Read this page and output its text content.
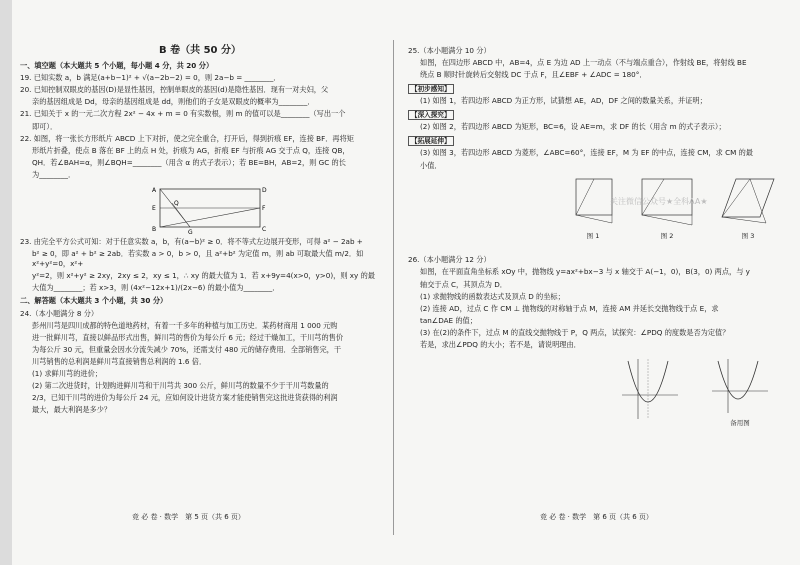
B 卷（共 50 分）
一、填空题（本大题共 5 个小题，每小题 4 分，共 20 分）
19. 已知实数 a，b 满足(a+b−1)² + √(a−2b−2) = 0，则 2a−b = ________．
20. 已知控制双眼皮的基因(D)是显性基因，控制单眼皮的基因(d)是隐性基因．现有一对夫妇，父
亲的基因组成是 Dd，母亲的基因组成是 dd，则他们的子女是双眼皮的概率为________．
21. 已知关于 x 的一元二次方程 2x² − 4x + m = 0 有实数根，则 m 的值可以是________（写出一个
即可）．
22. 如图，将一张长方形纸片 ABCD 上下对折，使之完全重合，打开后，得到折痕 EF，连接 BF．再将矩
形纸片折叠，使点 B 落在 BF 上的点 H 处，折痕为 AG，折痕 EF 与折痕 AG 交于点 Q，连接 QB，
QH．若∠BAH=α，则∠BQH=________（用含 α 的式子表示）；若 BE=BH，AB=2，则 GC 的长
为________．
A	D
E	F
B	C
G
Q
23. 由完全平方公式可知：对于任意实数 a，b，有(a−b)² ≥ 0．将不等式左边展开变形，可得 a² − 2ab +
b² ≥ 0，即 a² + b² ≥ 2ab．若实数 a > 0，b > 0，且 a²+b² 为定值 m，则 ab 可取最大值 m/2．如 x²+y²=0，x²+
y²=2，则 x²+y² ≥ 2xy，2xy ≤ 2，xy ≤ 1，∴ xy 的最大值为 1．若 x+9y=4(x>0，y>0)，则 xy 的最
大值为________；若 x>3，则 (4x²−12x+1)/(2x−6) 的最小值为________．
二、解答题（本大题共 3 个小题，共 30 分）
24.（本小题满分 8 分）
彭州川芎是四川成都的特色道地药材，有着一千多年的种植与加工历史．某药材商用 1 000 元购
进一批鲜川芎，直接以鲜品形式出售，鲜川芎的售价为每公斤 6 元；经过干燥加工，干川芎的售价
为每公斤 30 元，但重量会因水分流失减少 70%，还需支付 480 元的储存费用．全部销售完，干
川芎销售的总利润是鲜川芎直接销售总利润的 1.6 倍．
(1) 求鲜川芎的进价；
(2) 第二次进货时，计划购进鲜川芎和干川芎共 300 公斤，鲜川芎的数量不少于干川芎数量的
2/3，已知干川芎的进价为每公斤 24 元，应如何设计进货方案才能使销售完这批进货获得的利润
最大，最大利润是多少？
竞 必 卷 · 数学　第 5 页（共 6 页）
25.（本小题满分 10 分）
如图，在四边形 ABCD 中，AB=4，点 E 为边 AD 上一动点（不与端点重合），作射线 BE，将射线 BE
绕点 B 顺时针旋转后交射线 DC 于点 F，且∠EBF + ∠ADC = 180°．
【初步感知】
(1) 如图 1，若四边形 ABCD 为正方形，试猜想 AE，AD，DF 之间的数量关系，并证明；
【深入探究】
(2) 如图 2，若四边形 ABCD 为矩形，BC=6，设 AE=m，求 DF 的长（用含 m 的式子表示）；
【拓展延伸】
(3) 如图 3，若四边形 ABCD 为菱形，∠ABC=60°，连接 EF，M 为 EF 的中点，连接 CM，求 CM 的最
小值．
图 1	图 2	图 3
26.（本小题满分 12 分）
如图，在平面直角坐标系 xOy 中，抛物线 y=ax²+bx−3 与 x 轴交于 A(−1，0)，B(3，0) 两点，与 y
轴交于点 C，其顶点为 D．
(1) 求抛物线的函数表达式及顶点 D 的坐标；
(2) 连接 AD，过点 C 作 CM ⊥ 抛物线的对称轴于点 M，连接 AM 并延长交抛物线于点 E，求
tan∠DAE 的值；
(3) 在(2)的条件下，过点 M 的直线交抛物线于 P，Q 两点，试探究：∠PDQ 的度数是否为定值？
若是，求出∠PDQ 的大小；若不是，请说明理由．
备用图
关注微信公众号★全科AA★
竞 必 卷 · 数学　第 6 页（共 6 页）
